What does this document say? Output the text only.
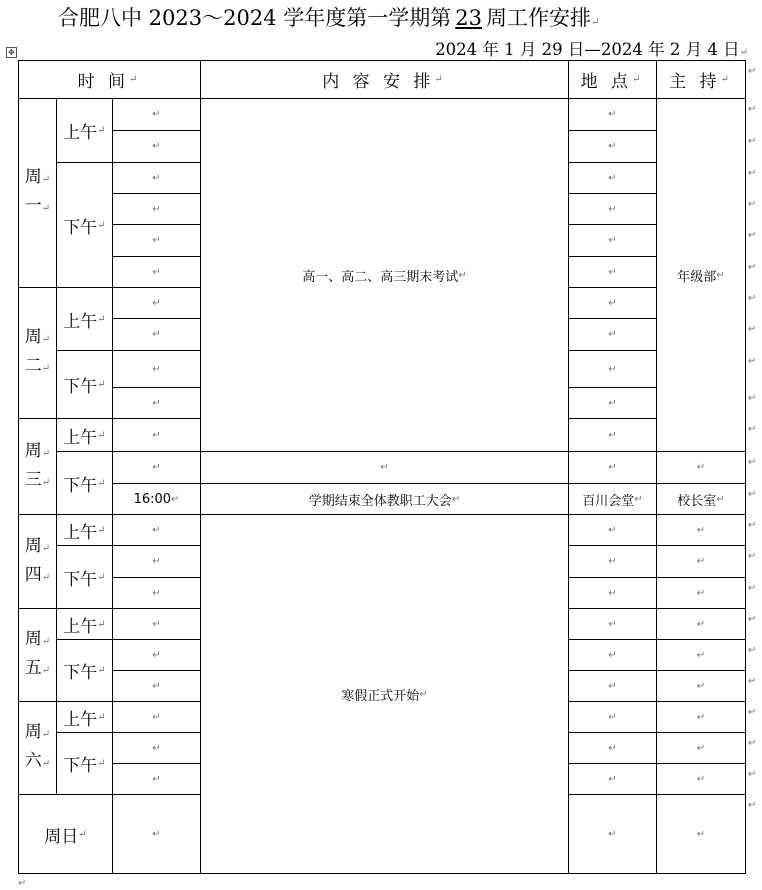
合肥八中 2023～2024 学年度第一学期第 23 周工作安排↵
2024 年 1 月 29 日—2024 年 2 月 4 日↵
✥
时 间 ↵	内 容 安 排 ↵	地 点 ↵ 主 持 ↵
周↵
一↵
周↵
二↵
周↵
三↵
周↵
四↵
周↵
五↵
周↵
六↵
周日 ↵
上午 ↵
下午 ↵
上午 ↵
下午 ↵
上午 ↵
下午 ↵
上午 ↵
下午 ↵
上午 ↵
下午 ↵
上午 ↵
下午 ↵
↵
↵
↵
↵
↵
↵
↵
↵
↵
↵
↵
↵
16:00 ↵
↵
↵
↵
↵
↵
↵
↵
↵
↵
↵
高一、高二、高三期末考试 ↵
↵
学期结束全体教职工大会 ↵
寒假正式开始 ↵
↵
↵
↵
↵
↵
↵
↵
↵
↵
↵
↵
↵
百川会堂 ↵
↵
↵
↵
↵
↵
↵
↵
↵
↵
↵
年级部 ↵
↵
校长室 ↵
↵
↵
↵
↵
↵
↵
↵
↵
↵
↵
↵
↵
↵
↵
↵
↵
↵
↵
↵
↵
↵
↵
↵
↵
↵
↵
↵
↵
↵
↵
↵
↵
↵
↵
↵
